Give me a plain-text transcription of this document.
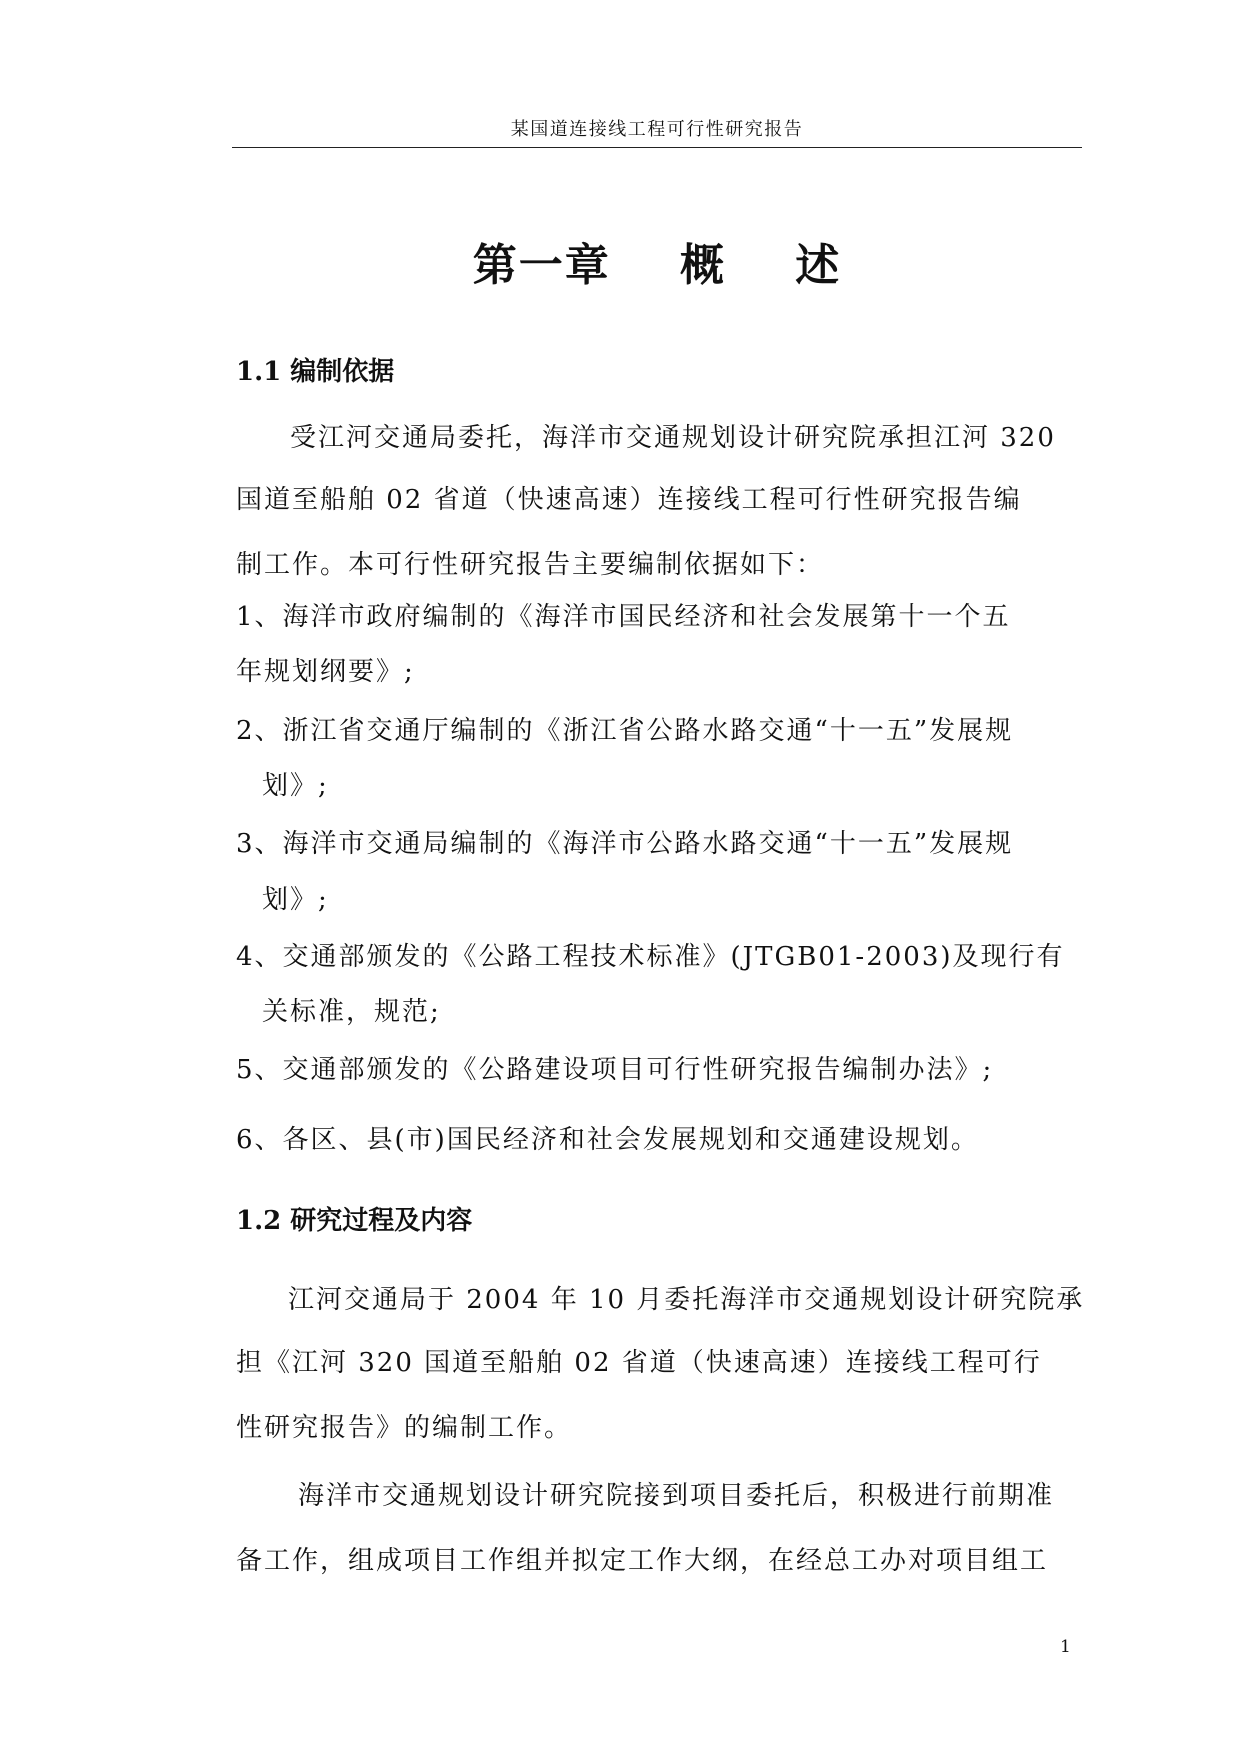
某国道连接线工程可行性研究报告
第一章    概    述
1.1 编制依据
受江河交通局委托，海洋市交通规划设计研究院承担江河 320
国道至船舶 02 省道（快速高速）连接线工程可行性研究报告编
制工作。本可行性研究报告主要编制依据如下：
1、海洋市政府编制的《海洋市国民经济和社会发展第十一个五
年规划纲要》;
2、浙江省交通厅编制的《浙江省公路水路交通“十一五”发展规
划》;
3、海洋市交通局编制的《海洋市公路水路交通“十一五”发展规
划》;
4、交通部颁发的《公路工程技术标准》(JTGB01-2003)及现行有
关标准，规范;
5、交通部颁发的《公路建设项目可行性研究报告编制办法》;
6、各区、县(市)国民经济和社会发展规划和交通建设规划。
1.2 研究过程及内容
江河交通局于 2004 年 10 月委托海洋市交通规划设计研究院承
担《江河 320 国道至船舶 02 省道（快速高速）连接线工程可行
性研究报告》的编制工作。
海洋市交通规划设计研究院接到项目委托后，积极进行前期准
备工作，组成项目工作组并拟定工作大纲，在经总工办对项目组工
1
